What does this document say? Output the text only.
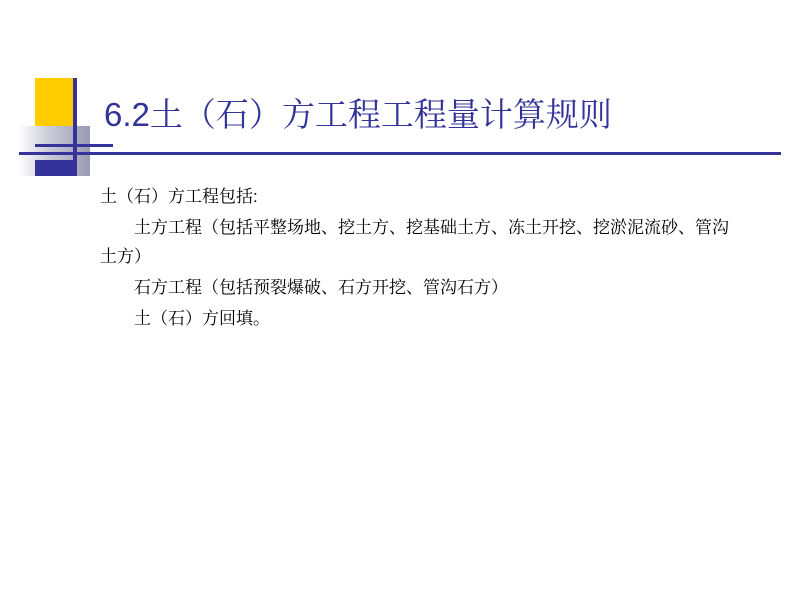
6.2土（石）方工程工程量计算规则

土（石）方工程包括:

土方工程（包括平整场地、挖土方、挖基础土方、冻土开挖、挖淤泥流砂、管沟土方）

石方工程（包括预裂爆破、石方开挖、管沟石方）

土（石）方回填。
